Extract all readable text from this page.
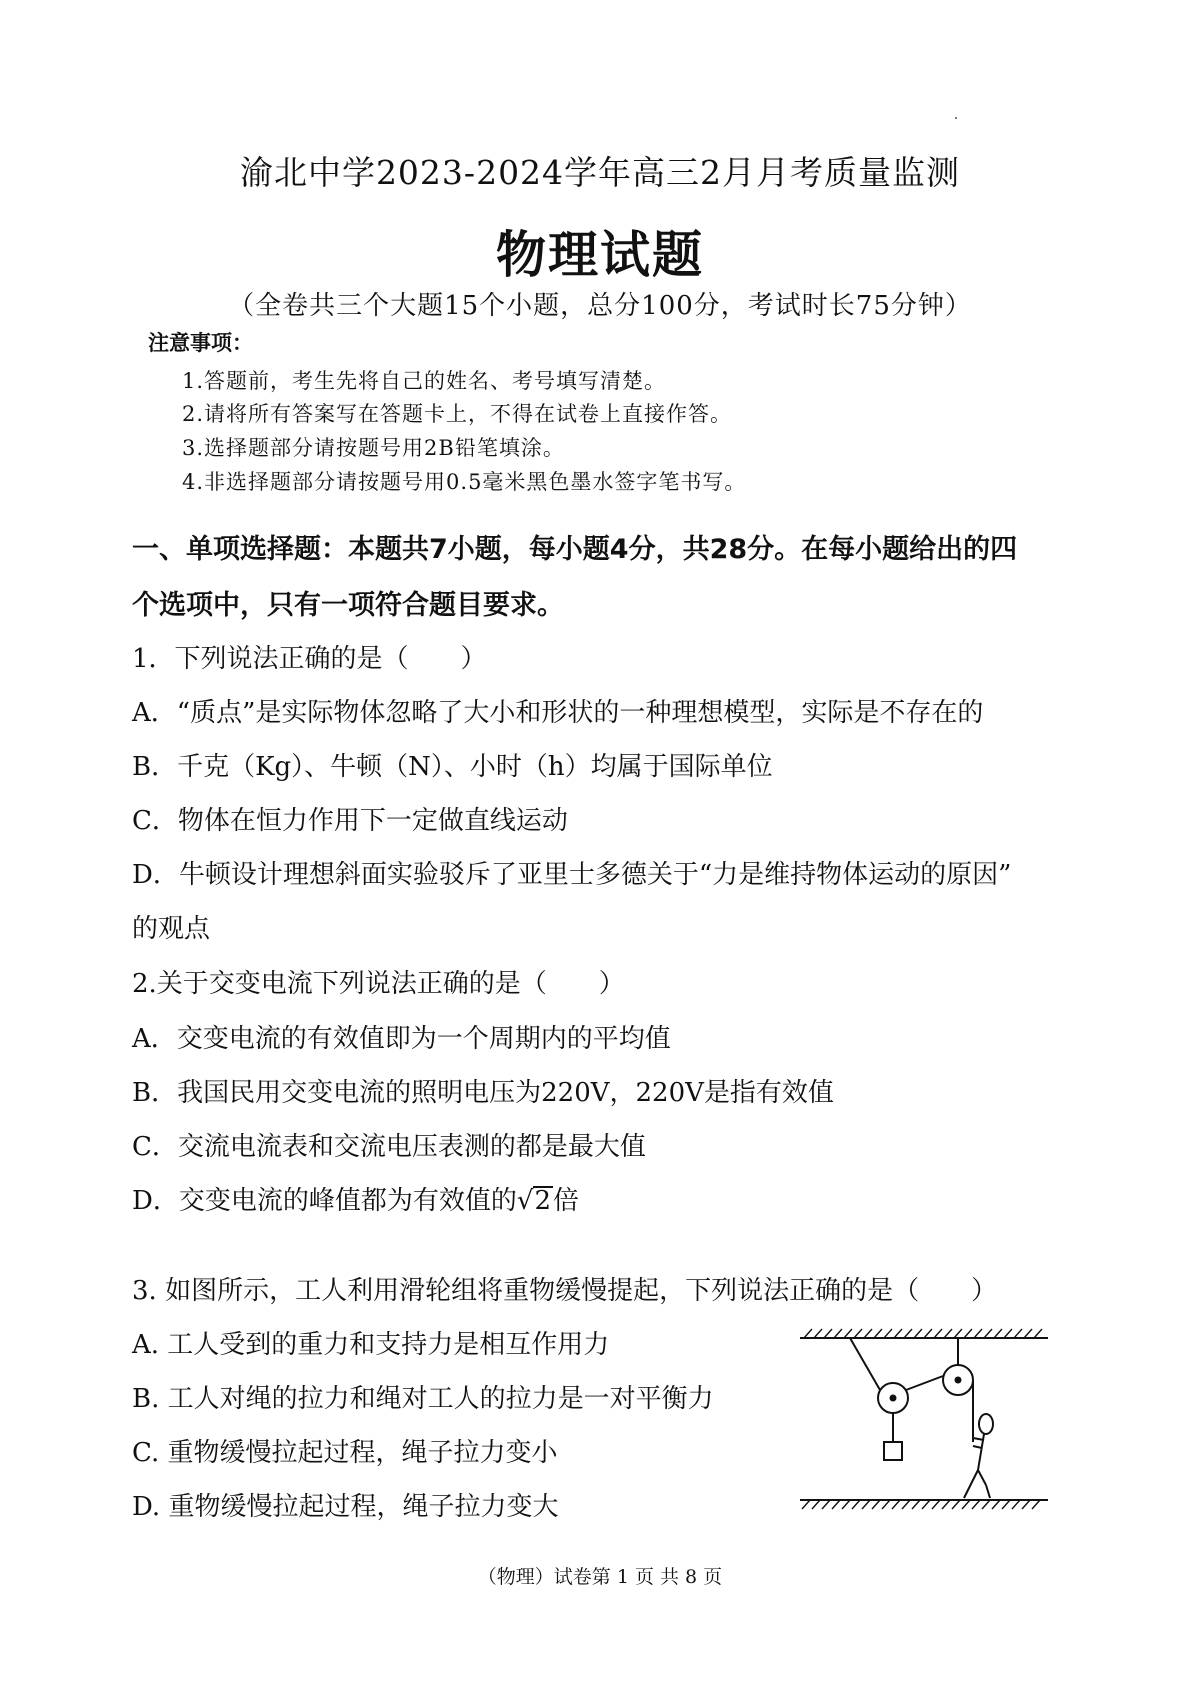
渝北中学2023-2024学年高三2月月考质量监测
物理试题
（全卷共三个大题15个小题，总分100分，考试时长75分钟）
注意事项：
1.答题前，考生先将自己的姓名、考号填写清楚。
2.请将所有答案写在答题卡上，不得在试卷上直接作答。
3.选择题部分请按题号用2B铅笔填涂。
4.非选择题部分请按题号用0.5毫米黑色墨水签字笔书写。
一、单项选择题：本题共7小题，每小题4分，共28分。在每小题给出的四
个选项中，只有一项符合题目要求。
1．下列说法正确的是（　　）
A．“质点”是实际物体忽略了大小和形状的一种理想模型，实际是不存在的
B．千克（Kg）、牛顿（N）、小时（h）均属于国际单位
C．物体在恒力作用下一定做直线运动
D．牛顿设计理想斜面实验驳斥了亚里士多德关于“力是维持物体运动的原因”
的观点
2.关于交变电流下列说法正确的是（　　）
A．交变电流的有效值即为一个周期内的平均值
B．我国民用交变电流的照明电压为220V，220V是指有效值
C．交流电流表和交流电压表测的都是最大值
D．交变电流的峰值都为有效值的√2倍
3. 如图所示，工人利用滑轮组将重物缓慢提起，下列说法正确的是（　　）
A. 工人受到的重力和支持力是相互作用力
B. 工人对绳的拉力和绳对工人的拉力是一对平衡力
C. 重物缓慢拉起过程，绳子拉力变小
D. 重物缓慢拉起过程，绳子拉力变大
（物理）试卷第 1 页 共 8 页
